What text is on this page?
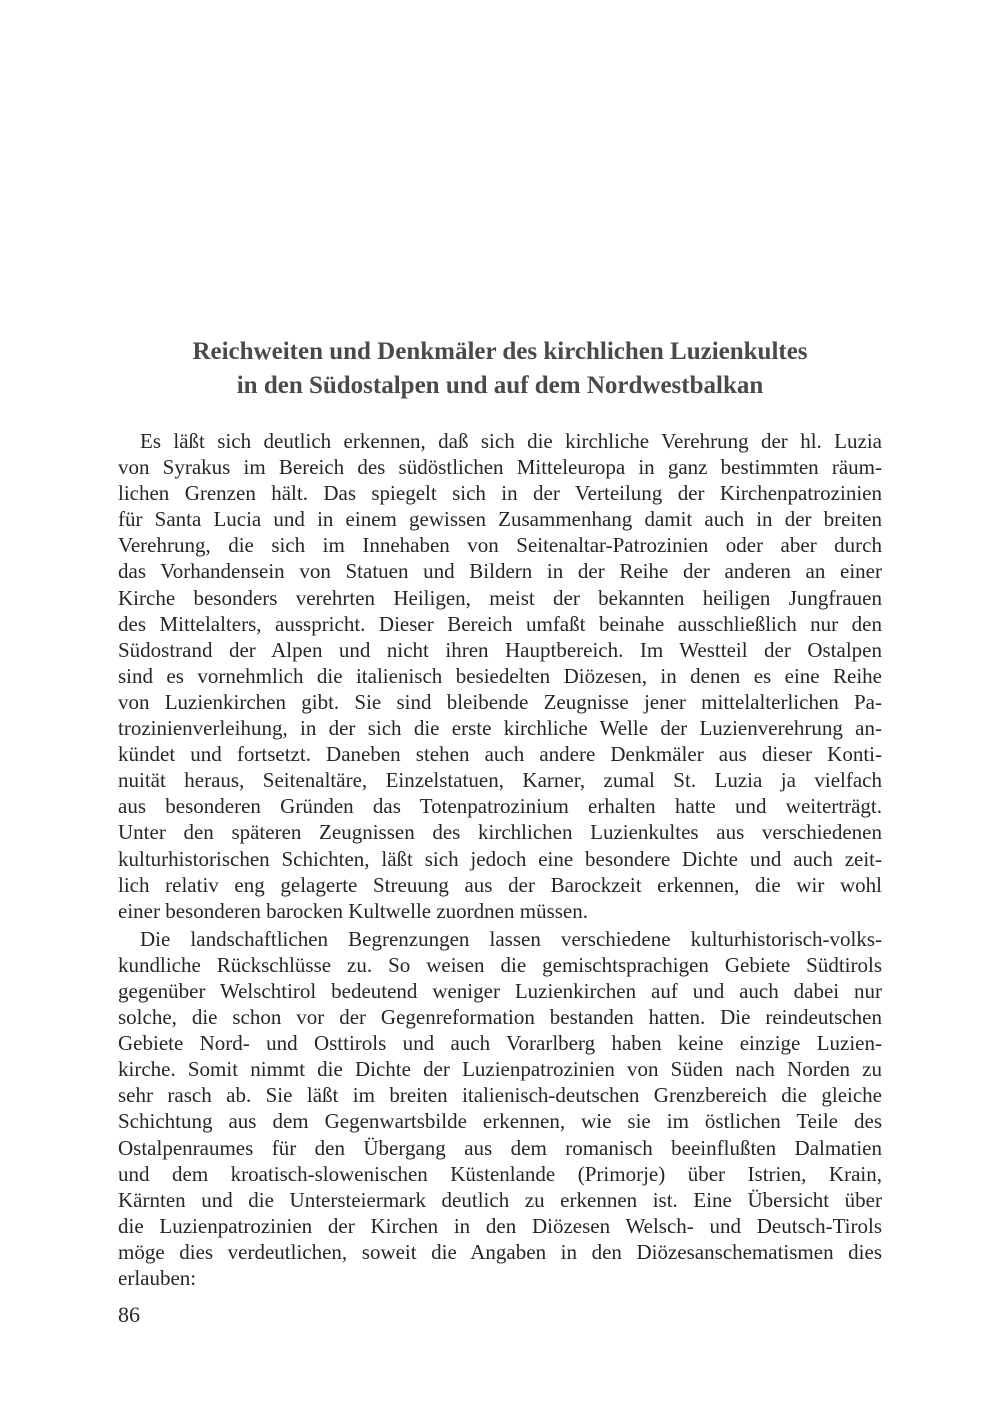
Reichweiten und Denkmäler des kirchlichen Luzienkultes
in den Südostalpen und auf dem Nordwestbalkan
Es läßt sich deutlich erkennen, daß sich die kirchliche Verehrung der hl. Luzia
von Syrakus im Bereich des südöstlichen Mitteleuropa in ganz bestimmten räum-
lichen Grenzen hält. Das spiegelt sich in der Verteilung der Kirchenpatrozinien
für Santa Lucia und in einem gewissen Zusammenhang damit auch in der breiten
Verehrung, die sich im Innehaben von Seitenaltar-Patrozinien oder aber durch
das Vorhandensein von Statuen und Bildern in der Reihe der anderen an einer
Kirche besonders verehrten Heiligen, meist der bekannten heiligen Jungfrauen
des Mittelalters, ausspricht. Dieser Bereich umfaßt beinahe ausschließlich nur den
Südostrand der Alpen und nicht ihren Hauptbereich. Im Westteil der Ostalpen
sind es vornehmlich die italienisch besiedelten Diözesen, in denen es eine Reihe
von Luzienkirchen gibt. Sie sind bleibende Zeugnisse jener mittelalterlichen Pa-
trozinienverleihung, in der sich die erste kirchliche Welle der Luzienverehrung an-
kündet und fortsetzt. Daneben stehen auch andere Denkmäler aus dieser Konti-
nuität heraus, Seitenaltäre, Einzelstatuen, Karner, zumal St. Luzia ja vielfach
aus besonderen Gründen das Totenpatrozinium erhalten hatte und weiterträgt.
Unter den späteren Zeugnissen des kirchlichen Luzienkultes aus verschiedenen
kulturhistorischen Schichten, läßt sich jedoch eine besondere Dichte und auch zeit-
lich relativ eng gelagerte Streuung aus der Barockzeit erkennen, die wir wohl
einer besonderen barocken Kultwelle zuordnen müssen.
Die landschaftlichen Begrenzungen lassen verschiedene kulturhistorisch-volks-
kundliche Rückschlüsse zu. So weisen die gemischtsprachigen Gebiete Südtirols
gegenüber Welschtirol bedeutend weniger Luzienkirchen auf und auch dabei nur
solche, die schon vor der Gegenreformation bestanden hatten. Die reindeutschen
Gebiete Nord- und Osttirols und auch Vorarlberg haben keine einzige Luzien-
kirche. Somit nimmt die Dichte der Luzienpatrozinien von Süden nach Norden zu
sehr rasch ab. Sie läßt im breiten italienisch-deutschen Grenzbereich die gleiche
Schichtung aus dem Gegenwartsbilde erkennen, wie sie im östlichen Teile des
Ostalpenraumes für den Übergang aus dem romanisch beeinflußten Dalmatien
und dem kroatisch-slowenischen Küstenlande (Primorje) über Istrien, Krain,
Kärnten und die Untersteiermark deutlich zu erkennen ist. Eine Übersicht über
die Luzienpatrozinien der Kirchen in den Diözesen Welsch- und Deutsch-Tirols
möge dies verdeutlichen, soweit die Angaben in den Diözesanschematismen dies
erlauben:
86
